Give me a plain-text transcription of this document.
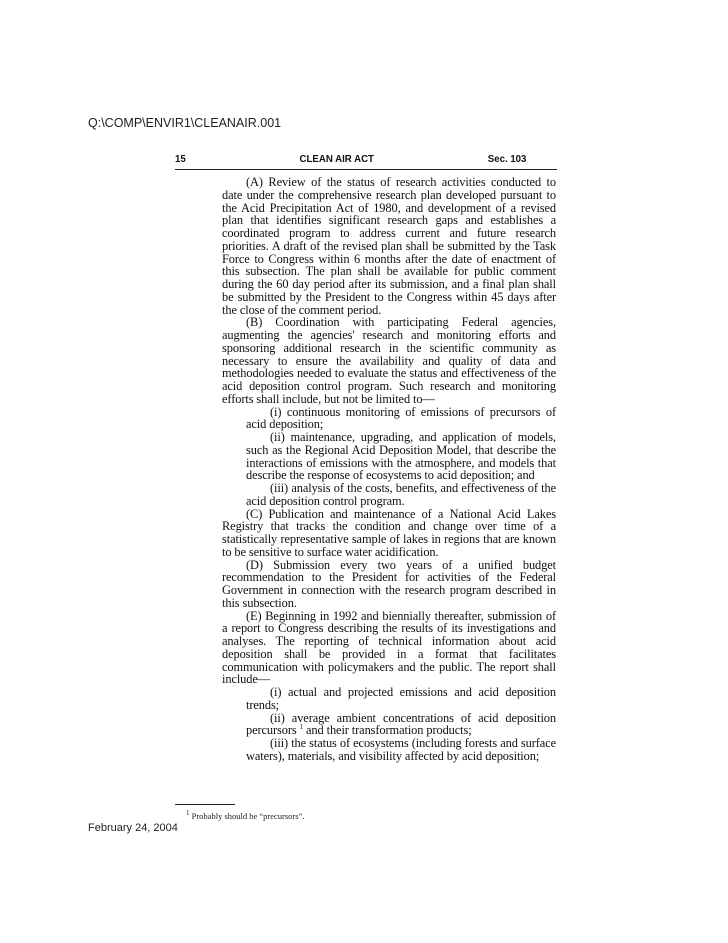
Q:\COMP\ENVIR1\CLEANAIR.001
15	CLEAN AIR ACT	Sec. 103

(A) Review of the status of research activities conducted to date under the comprehensive research plan developed pursuant to the Acid Precipitation Act of 1980, and development of a revised plan that identifies significant research gaps and establishes a coordinated program to address current and future research priorities. A draft of the revised plan shall be submitted by the Task Force to Congress within 6 months after the date of enactment of this subsection. The plan shall be available for public comment during the 60 day period after its submission, and a final plan shall be submitted by the President to the Congress within 45 days after the close of the comment period.

(B) Coordination with participating Federal agencies, augmenting the agencies' research and monitoring efforts and sponsoring additional research in the scientific community as necessary to ensure the availability and quality of data and methodologies needed to evaluate the status and effectiveness of the acid deposition control program. Such research and monitoring efforts shall include, but not be limited to—

(i) continuous monitoring of emissions of precursors of acid deposition;

(ii) maintenance, upgrading, and application of models, such as the Regional Acid Deposition Model, that describe the interactions of emissions with the atmosphere, and models that describe the response of ecosystems to acid deposition; and

(iii) analysis of the costs, benefits, and effectiveness of the acid deposition control program.

(C) Publication and maintenance of a National Acid Lakes Registry that tracks the condition and change over time of a statistically representative sample of lakes in regions that are known to be sensitive to surface water acidification.

(D) Submission every two years of a unified budget recommendation to the President for activities of the Federal Government in connection with the research program described in this subsection.

(E) Beginning in 1992 and biennially thereafter, submission of a report to Congress describing the results of its investigations and analyses. The reporting of technical information about acid deposition shall be provided in a format that facilitates communication with policymakers and the public. The report shall include—

(i) actual and projected emissions and acid deposition trends;

(ii) average ambient concentrations of acid deposition percursors $^1$ and their transformation products;

(iii) the status of ecosystems (including forests and surface waters), materials, and visibility affected by acid deposition;

$^1$ Probably should be “precursors”.
February 24, 2004
